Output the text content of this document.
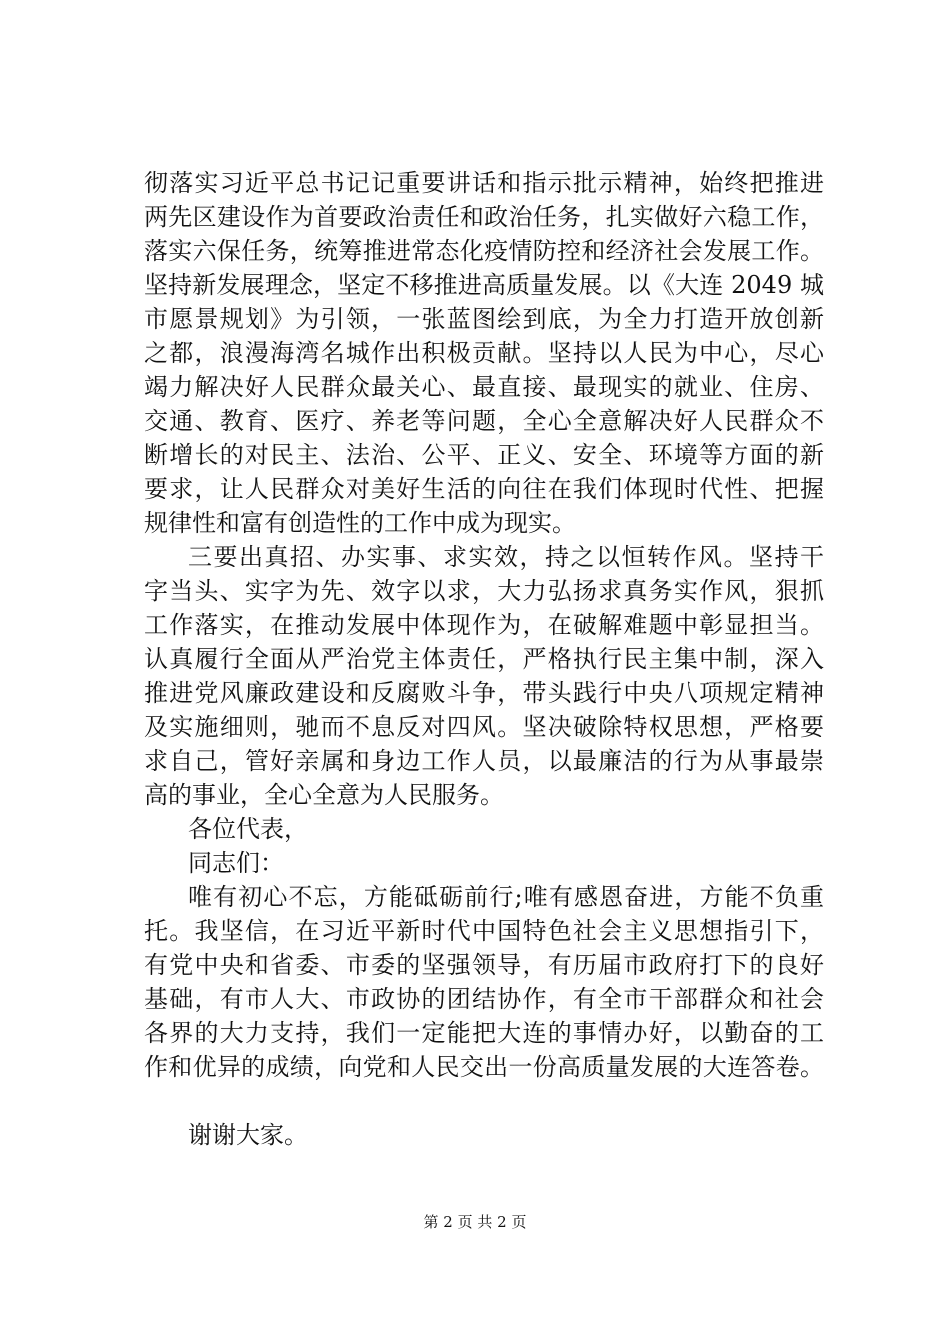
彻落实习近平总书记记重要讲话和指示批示精神，始终把推进
两先区建设作为首要政治责任和政治任务，扎实做好六稳工作，
落实六保任务，统筹推进常态化疫情防控和经济社会发展工作。
坚持新发展理念，坚定不移推进高质量发展。以《大连 2049 城
市愿景规划》为引领，一张蓝图绘到底，为全力打造开放创新
之都，浪漫海湾名城作出积极贡献。坚持以人民为中心，尽心
竭力解决好人民群众最关心、最直接、最现实的就业、住房、
交通、教育、医疗、养老等问题，全心全意解决好人民群众不
断增长的对民主、法治、公平、正义、安全、环境等方面的新
要求，让人民群众对美好生活的向往在我们体现时代性、把握
规律性和富有创造性的工作中成为现实。
三要出真招、办实事、求实效，持之以恒转作风。坚持干
字当头、实字为先、效字以求，大力弘扬求真务实作风，狠抓
工作落实，在推动发展中体现作为，在破解难题中彰显担当。
认真履行全面从严治党主体责任，严格执行民主集中制，深入
推进党风廉政建设和反腐败斗争，带头践行中央八项规定精神
及实施细则，驰而不息反对四风。坚决破除特权思想，严格要
求自己，管好亲属和身边工作人员，以最廉洁的行为从事最崇
高的事业，全心全意为人民服务。
各位代表，
同志们：
唯有初心不忘，方能砥砺前行;唯有感恩奋进，方能不负重
托。我坚信，在习近平新时代中国特色社会主义思想指引下，
有党中央和省委、市委的坚强领导，有历届市政府打下的良好
基础，有市人大、市政协的团结协作，有全市干部群众和社会
各界的大力支持，我们一定能把大连的事情办好，以勤奋的工
作和优异的成绩，向党和人民交出一份高质量发展的大连答卷。
谢谢大家。
第 2 页 共 2 页
